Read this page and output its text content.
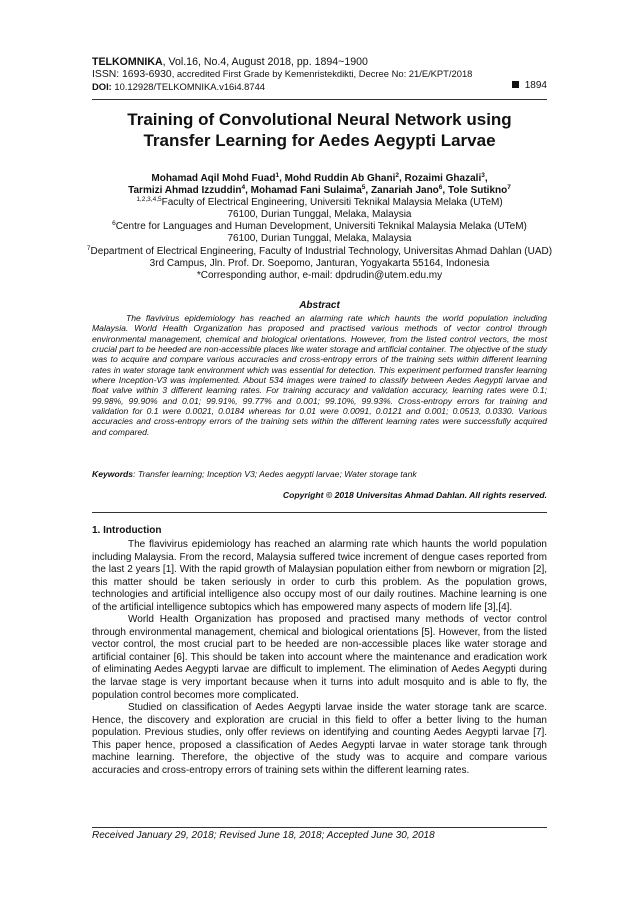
TELKOMNIKA, Vol.16, No.4, August 2018, pp. 1894~1900
ISSN: 1693-6930, accredited First Grade by Kemenristekdikti, Decree No: 21/E/KPT/2018
DOI: 10.12928/TELKOMNIKA.v16i4.8744	1894
Training of Convolutional Neural Network using
Transfer Learning for Aedes Aegypti Larvae
Mohamad Aqil Mohd Fuad$^1$, Mohd Ruddin Ab Ghani$^2$, Rozaimi Ghazali$^3$,
Tarmizi Ahmad Izzuddin$^4$, Mohamad Fani Sulaima$^5$, Zanariah Jano$^6$, Tole Sutikno$^7$
$^{1,2,3,4,5}$Faculty of Electrical Engineering, Universiti Teknikal Malaysia Melaka (UTeM)
76100, Durian Tunggal, Melaka, Malaysia
$^6$Centre for Languages and Human Development, Universiti Teknikal Malaysia Melaka (UTeM)
76100, Durian Tunggal, Melaka, Malaysia
$^7$Department of Electrical Engineering, Faculty of Industrial Technology, Universitas Ahmad Dahlan (UAD)
3rd Campus, Jln. Prof. Dr. Soepomo, Janturan, Yogyakarta 55164, Indonesia
*Corresponding author, e-mail: dpdrudin@utem.edu.my
Abstract
The flavivirus epidemiology has reached an alarming rate which haunts the world population including Malaysia. World Health Organization has proposed and practised various methods of vector control through environmental management, chemical and biological orientations. However, from the listed control vectors, the most crucial part to be heeded are non-accessible places like water storage and artificial container. The objective of the study was to acquire and compare various accuracies and cross-entropy errors of the training sets within different learning rates in water storage tank environment which was essential for detection. This experiment performed transfer learning where Inception-V3 was implemented. About 534 images were trained to classify between Aedes Aegypti larvae and float valve within 3 different learning rates. For training accuracy and validation accuracy, learning rates were 0.1; 99.98%, 99.90% and 0.01; 99.91%, 99.77% and 0.001; 99.10%, 99.93%. Cross-entropy errors for training and validation for 0.1 were 0.0021, 0.0184 whereas for 0.01 were 0.0091, 0.0121 and 0.001; 0.0513, 0.0330. Various accuracies and cross-entropy errors of the training sets within the different learning rates were successfully acquired and compared.
Keywords: Transfer learning; Inception V3; Aedes aegypti larvae; Water storage tank
Copyright © 2018 Universitas Ahmad Dahlan. All rights reserved.
1. Introduction

The flavivirus epidemiology has reached an alarming rate which haunts the world population including Malaysia. From the record, Malaysia suffered twice increment of dengue cases reported from the last 2 years [1]. With the rapid growth of Malaysian population either from newborn or migration [2], this matter should be taken seriously in order to curb this problem. As the population grows, technologies and artificial intelligence also occupy most of our daily routines. Machine learning is one of the artificial intelligence subtopics which has empowered many aspects of modern life [3],[4].

World Health Organization has proposed and practised many methods of vector control through environmental management, chemical and biological orientations [5]. However, from the listed vector control, the most crucial part to be heeded are non-accessible places like water storage and artificial container [6]. This should be taken into account where the maintenance and eradication work of eliminating Aedes Aegypti larvae are difficult to implement. The elimination of Aedes Aegypti during the larvae stage is very important because when it turns into adult mosquito and is able to fly, the population control becomes more complicated.

Studied on classification of Aedes Aegypti larvae inside the water storage tank are scarce. Hence, the discovery and exploration are crucial in this field to offer a better living to the human population. Previous studies, only offer reviews on identifying and counting Aedes Aegypti larvae [7]. This paper hence, proposed a classification of Aedes Aegypti larvae in water storage tank through machine learning. Therefore, the objective of the study was to acquire and compare various accuracies and cross-entropy errors of training sets within the different learning rates.

Received January 29, 2018; Revised June 18, 2018; Accepted June 30, 2018
